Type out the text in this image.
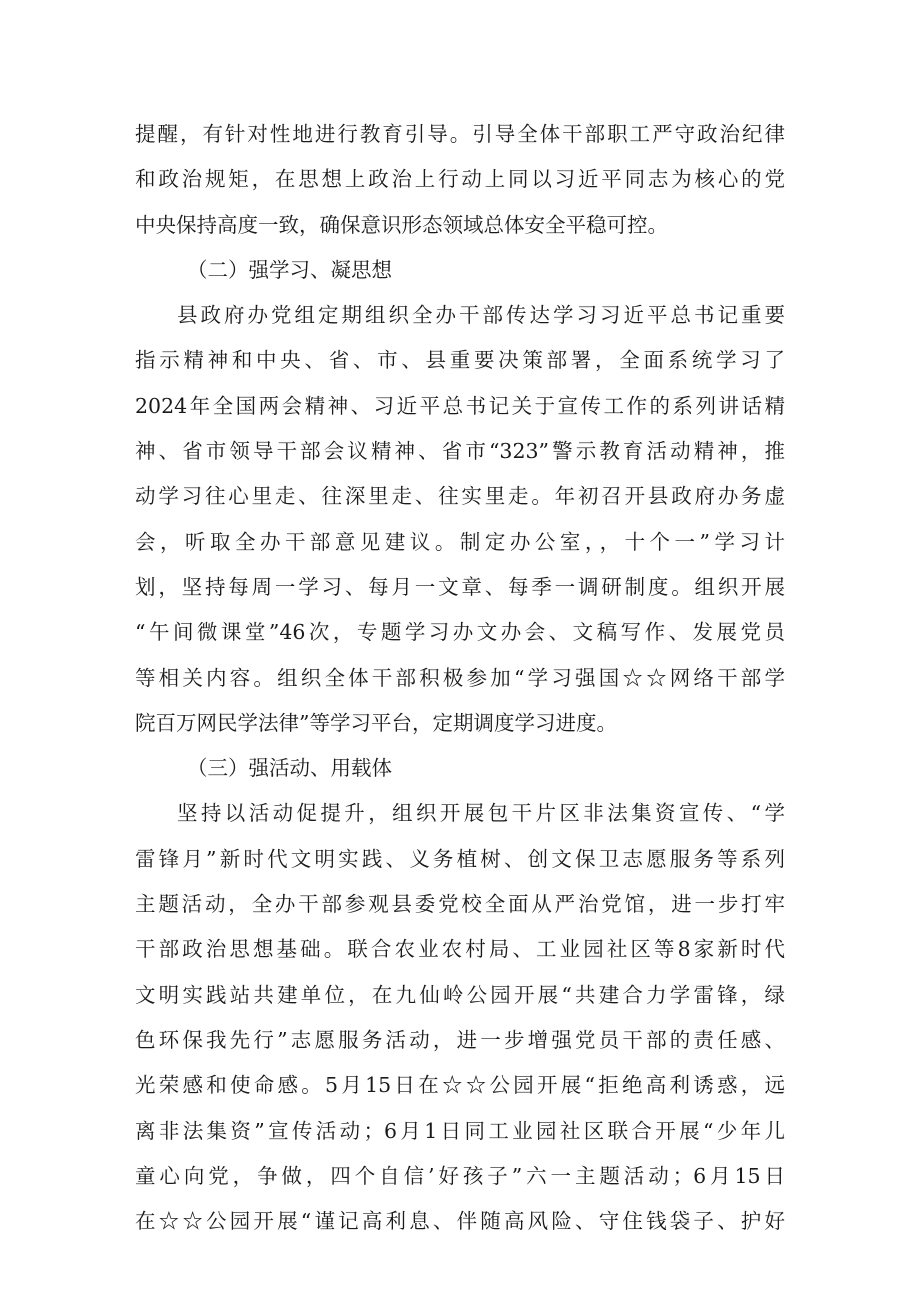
提醒，有针对性地进行教育引导。引导全体干部职工严守政治纪律
和政治规矩，在思想上政治上行动上同以习近平同志为核心的党
中央保持高度一致，确保意识形态领域总体安全平稳可控。
（二）强学习、凝思想
县政府办党组定期组织全办干部传达学习习近平总书记重要
指示精神和中央、省、市、县重要决策部署，全面系统学习了
2024年全国两会精神、习近平总书记关于宣传工作的系列讲话精
神、省市领导干部会议精神、省市“323”警示教育活动精神，推
动学习往心里走、往深里走、往实里走。年初召开县政府办务虚
会，听取全办干部意见建议。制定办公室，，十个一”学习计
划，坚持每周一学习、每月一文章、每季一调研制度。组织开展
“午间微课堂”46次，专题学习办文办会、文稿写作、发展党员
等相关内容。组织全体干部积极参加“学习强国☆☆网络干部学
院百万网民学法律”等学习平台，定期调度学习进度。
（三）强活动、用载体
坚持以活动促提升，组织开展包干片区非法集资宣传、“学
雷锋月”新时代文明实践、义务植树、创文保卫志愿服务等系列
主题活动，全办干部参观县委党校全面从严治党馆，进一步打牢
干部政治思想基础。联合农业农村局、工业园社区等8家新时代
文明实践站共建单位，在九仙岭公园开展“共建合力学雷锋，绿
色环保我先行”志愿服务活动，进一步增强党员干部的责任感、
光荣感和使命感。5月15日在☆☆公园开展“拒绝高利诱惑，远
离非法集资”宣传活动；6月1日同工业园社区联合开展“少年儿
童心向党，争做，四个自信’好孩子”六一主题活动；6月15日
在☆☆公园开展“谨记高利息、伴随高风险、守住钱袋子、护好
